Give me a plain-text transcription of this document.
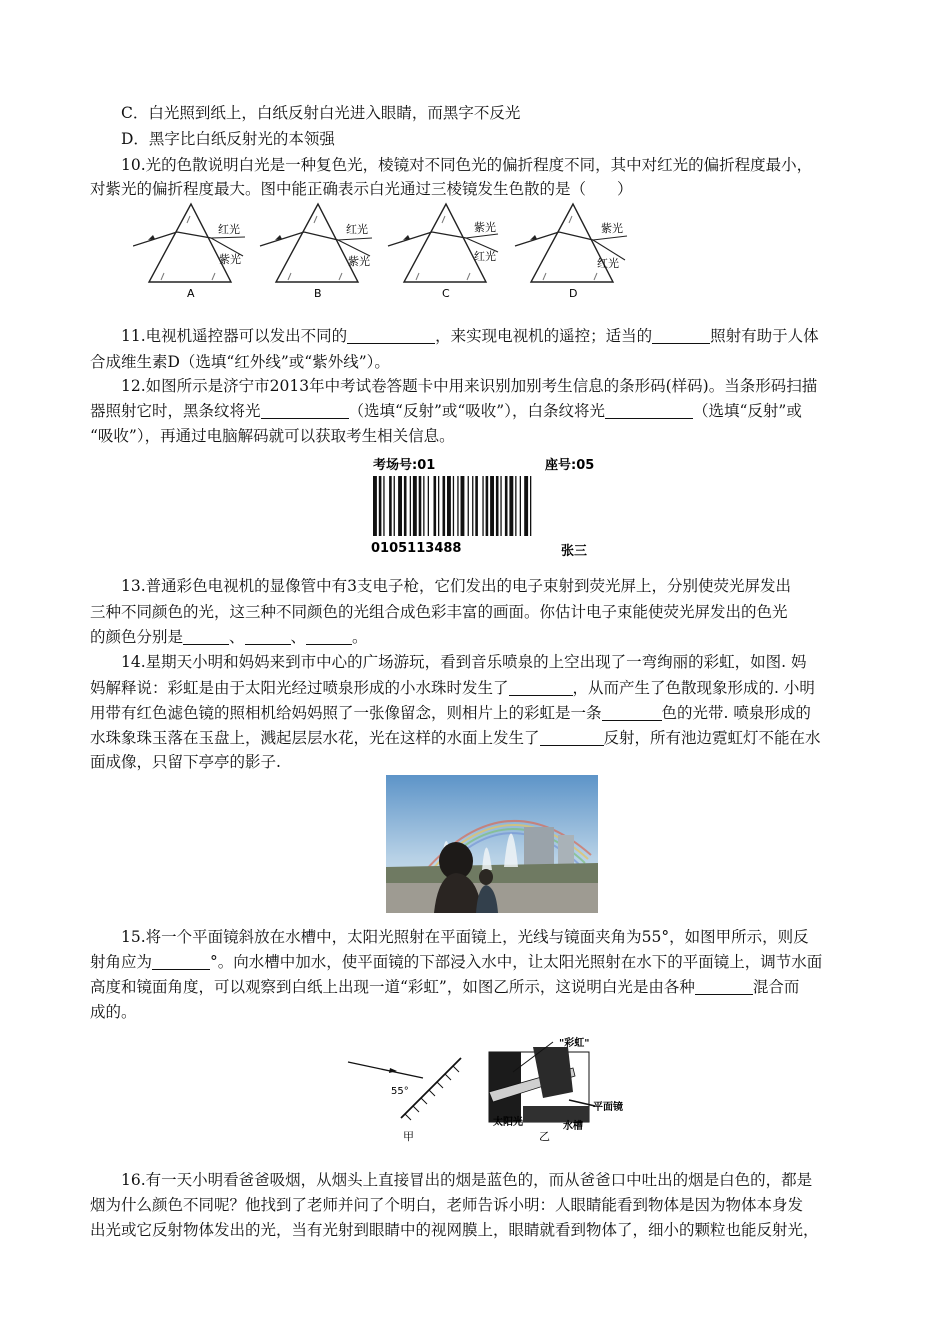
C．白光照到纸上，白纸反射白光进入眼睛，而黑字不反光
D．黑字比白纸反射光的本领强
10.光的色散说明白光是一种复色光，棱镜对不同色光的偏折程度不同，其中对红光的偏折程度最小，
对紫光的偏折程度最大。图中能正确表示白光通过三棱镜发生色散的是（　　）
红光
紫光
A
红光
紫光
B
紫光
红光
C
紫光
红光
D
11.电视机遥控器可以发出不同的	，来实现电视机的遥控；适当的	照射有助于人体
合成维生素D（选填“红外线”或“紫外线”）。
12.如图所示是济宁市2013年中考试卷答题卡中用来识别加别考生信息的条形码(样码)。当条形码扫描
器照射它时，黑条纹将光	（选填“反射”或“吸收”），白条纹将光	（选填“反射”或
“吸收”），再通过电脑解码就可以获取考生相关信息。
考场号:01	座号:05
0105113488	张三
13.普通彩色电视机的显像管中有3支电子枪，它们发出的电子束射到荧光屏上，分别使荧光屏发出
三种不同颜色的光，这三种不同颜色的光组合成色彩丰富的画面。你估计电子束能使荧光屏发出的色光
的颜色分别是	、	、	。
14.星期天小明和妈妈来到市中心的广场游玩，看到音乐喷泉的上空出现了一弯绚丽的彩虹，如图. 妈
妈解释说：彩虹是由于太阳光经过喷泉形成的小水珠时发生了	，从而产生了色散现象形成的. 小明
用带有红色滤色镜的照相机给妈妈照了一张像留念，则相片上的彩虹是一条	色的光带. 喷泉形成的
水珠象珠玉落在玉盘上，溅起层层水花，光在这样的水面上发生了	反射，所有池边霓虹灯不能在水
面成像，只留下亭亭的影子.
15.将一个平面镜斜放在水槽中，太阳光照射在平面镜上，光线与镜面夹角为55°，如图甲所示，则反
射角应为	°。向水槽中加水，使平面镜的下部浸入水中，让太阳光照射在水下的平面镜上，调节水面
高度和镜面角度，可以观察到白纸上出现一道“彩虹”，如图乙所示，这说明白光是由各种	混合而
成的。
55°
甲
"彩虹"
平面镜
太阳光	水槽
乙
16.有一天小明看爸爸吸烟，从烟头上直接冒出的烟是蓝色的，而从爸爸口中吐出的烟是白色的，都是
烟为什么颜色不同呢？他找到了老师并问了个明白，老师告诉小明：人眼睛能看到物体是因为物体本身发
出光或它反射物体发出的光，当有光射到眼睛中的视网膜上，眼睛就看到物体了，细小的颗粒也能反射光，
